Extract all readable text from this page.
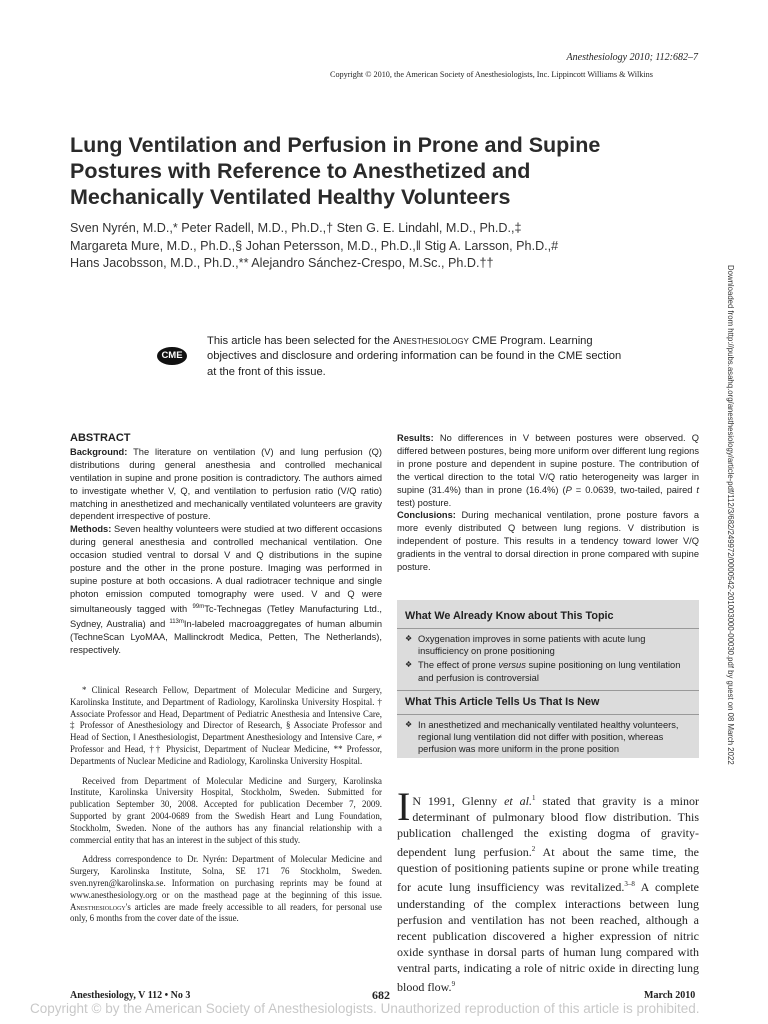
Anesthesiology 2010; 112:682–7
Copyright © 2010, the American Society of Anesthesiologists, Inc. Lippincott Williams & Wilkins
Lung Ventilation and Perfusion in Prone and Supine Postures with Reference to Anesthetized and Mechanically Ventilated Healthy Volunteers
Sven Nyrén, M.D.,* Peter Radell, M.D., Ph.D.,† Sten G. E. Lindahl, M.D., Ph.D.,‡
Margareta Mure, M.D., Ph.D.,§ Johan Petersson, M.D., Ph.D.,‖ Stig A. Larsson, Ph.D.,#
Hans Jacobsson, M.D., Ph.D.,** Alejandro Sánchez-Crespo, M.Sc., Ph.D.††
Downloaded from http://pubs.asahq.org/anesthesiology/article-pdf/112/3/682/249972/0000542-201003000-00030.pdf by guest on 08 March 2022
CME
This article has been selected for the Anesthesiology CME Program. Learning objectives and disclosure and ordering information can be found in the CME section at the front of this issue.
ABSTRACT

Background: The literature on ventilation (V) and lung perfusion (Q) distributions during general anesthesia and controlled mechanical ventilation in supine and prone position is contradictory. The authors aimed to investigate whether V, Q, and ventilation to perfusion ratio (V/Q ratio) matching in anesthetized and mechanically ventilated volunteers are gravity dependent irrespective of posture.

Methods: Seven healthy volunteers were studied at two different occasions during general anesthesia and controlled mechanical ventilation. One occasion studied ventral to dorsal V and Q distributions in the supine posture and the other in the prone posture. Imaging was performed in supine posture at both occasions. A dual radiotracer technique and single photon emission computed tomography were used. V and Q were simultaneously tagged with $^{99m}$Tc-Technegas (Tetley Manufacturing Ltd., Sydney, Australia) and $^{113m}$In-labeled macroaggregates of human albumin (TechneScan LyoMAA, Mallinckrodt Medica, Petten, The Netherlands), respectively.

Results: No differences in V between postures were observed. Q differed between postures, being more uniform over different lung regions in prone posture and dependent in supine posture. The contribution of the vertical direction to the total V/Q ratio heterogeneity was larger in supine (31.4%) than in prone (16.4%) (P = 0.0639, two-tailed, paired t test) posture.

Conclusions: During mechanical ventilation, prone posture favors a more evenly distributed Q between lung regions. V distribution is independent of posture. This results in a tendency toward lower V/Q gradients in the ventral to dorsal direction in prone compared with supine posture.

What We Already Know about This Topic
❖ Oxygenation improves in some patients with acute lung insufficiency on prone positioning
❖ The effect of prone versus supine positioning on lung ventilation and perfusion is controversial
What This Article Tells Us That Is New
❖ In anesthetized and mechanically ventilated healthy volunteers, regional lung ventilation did not differ with position, whereas perfusion was more uniform in the prone position

* Clinical Research Fellow, Department of Molecular Medicine and Surgery, Karolinska Institute, and Department of Radiology, Karolinska University Hospital. † Associate Professor and Head, Department of Pediatric Anesthesia and Intensive Care, ‡ Professor of Anesthesiology and Director of Research, § Associate Professor and Head of Section, ‖ Anesthesiologist, Department Anesthesiology and Intensive Care, ≠ Professor and Head, †† Physicist, Department of Nuclear Medicine, ** Professor, Departments of Nuclear Medicine and Radiology, Karolinska University Hospital.

Received from Department of Molecular Medicine and Surgery, Karolinska Institute, Karolinska University Hospital, Stockholm, Sweden. Submitted for publication September 30, 2008. Accepted for publication December 7, 2009. Supported by grant 2004-0689 from the Swedish Heart and Lung Foundation, Stockholm, Sweden. None of the authors has any financial relationship with a commercial entity that has an interest in the subject of this study.

Address correspondence to Dr. Nyrén: Department of Molecular Medicine and Surgery, Karolinska Institute, Solna, SE 171 76 Stockholm, Sweden. sven.nyren@karolinska.se. Information on purchasing reprints may be found at www.anesthesiology.org or on the masthead page at the beginning of this issue. Anesthesiology's articles are made freely accessible to all readers, for personal use only, 6 months from the cover date of the issue.

I N 1991, Glenny et al.$^1$ stated that gravity is a minor determinant of pulmonary blood flow distribution. This publication challenged the existing dogma of gravity-dependent lung perfusion.$^2$ At about the same time, the question of positioning patients supine or prone while treating for acute lung insufficiency was revitalized.$^{3-8}$ A complete understanding of the complex interactions between lung perfusion and ventilation has not been reached, although a recent publication discovered a higher expression of nitric oxide synthase in dorsal parts of human lung compared with ventral parts, indicating a role of nitric oxide in directing lung blood flow.$^9$
Anesthesiology, V 112 • No 3	682	March 2010
Copyright © by the American Society of Anesthesiologists. Unauthorized reproduction of this article is prohibited.
